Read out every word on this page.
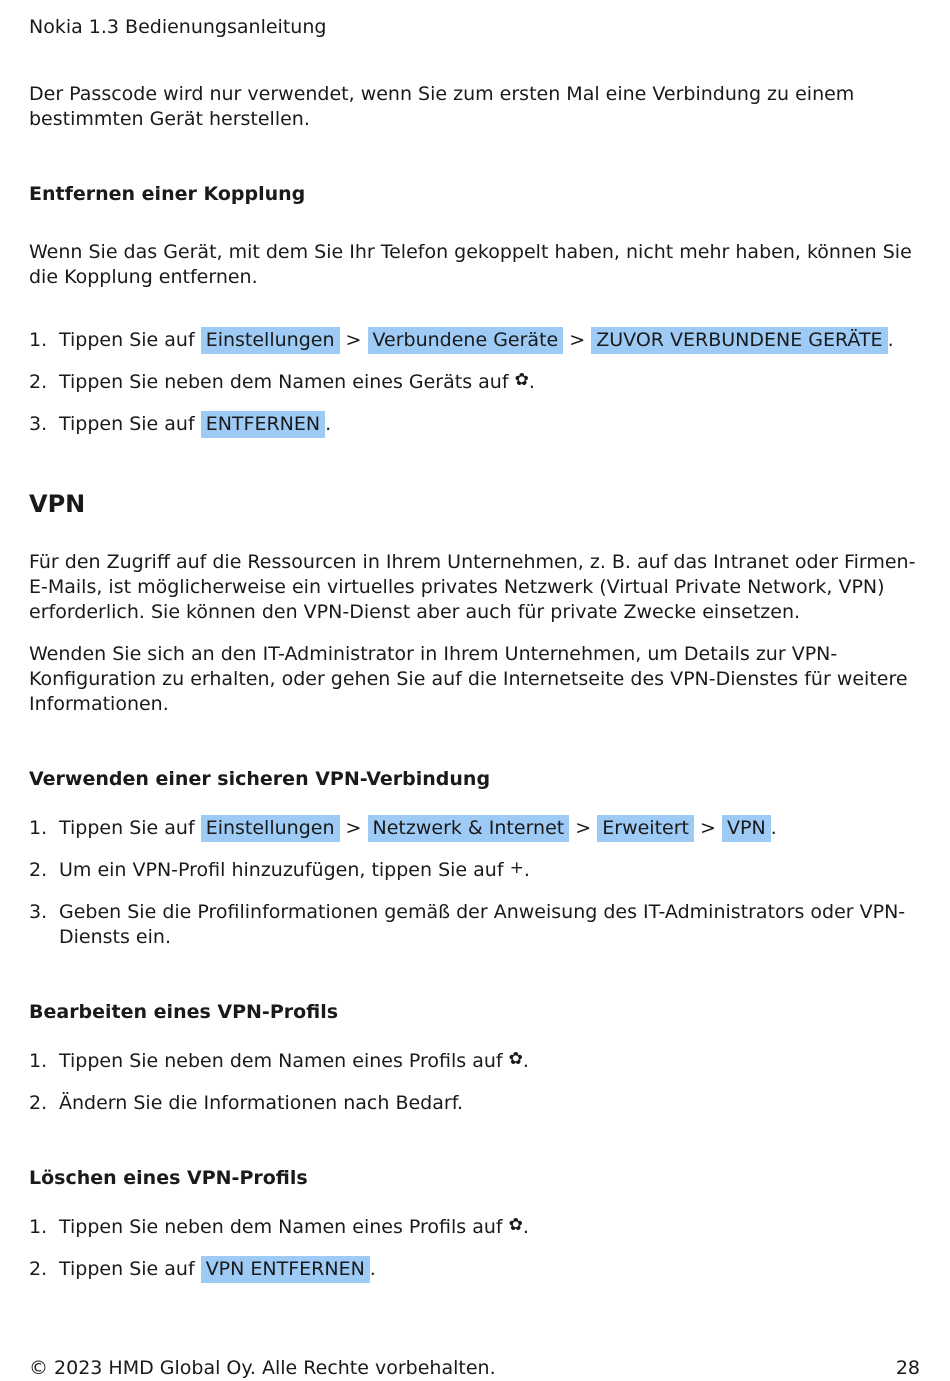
Nokia 1.3 Bedienungsanleitung

Der Passcode wird nur verwendet, wenn Sie zum ersten Mal eine Verbindung zu einem bestimmten Gerät herstellen.

Entfernen einer Kopplung

Wenn Sie das Gerät, mit dem Sie Ihr Telefon gekoppelt haben, nicht mehr haben, können Sie die Kopplung entfernen.

1. Tippen Sie auf Einstellungen > Verbundene Geräte > ZUVOR VERBUNDENE GERÄTE .
2. Tippen Sie neben dem Namen eines Geräts auf ✿.
3. Tippen Sie auf ENTFERNEN .
VPN

Für den Zugriff auf die Ressourcen in Ihrem Unternehmen, z. B. auf das Intranet oder Firmen-E-Mails, ist möglicherweise ein virtuelles privates Netzwerk (Virtual Private Network, VPN) erforderlich. Sie können den VPN-Dienst aber auch für private Zwecke einsetzen.

Wenden Sie sich an den IT-Administrator in Ihrem Unternehmen, um Details zur VPN-Konfiguration zu erhalten, oder gehen Sie auf die Internetseite des VPN-Dienstes für weitere Informationen.

Verwenden einer sicheren VPN-Verbindung
1. Tippen Sie auf Einstellungen > Netzwerk & Internet > Erweitert > VPN .
2. Um ein VPN-Profil hinzuzufügen, tippen Sie auf +.
3. Geben Sie die Profilinformationen gemäß der Anweisung des IT-Administrators oder VPN-Diensts ein.
Bearbeiten eines VPN-Profils
1. Tippen Sie neben dem Namen eines Profils auf ✿.
2. Ändern Sie die Informationen nach Bedarf.
Löschen eines VPN-Profils
1. Tippen Sie neben dem Namen eines Profils auf ✿.
2. Tippen Sie auf VPN ENTFERNEN .
© 2023 HMD Global Oy. Alle Rechte vorbehalten.	28
